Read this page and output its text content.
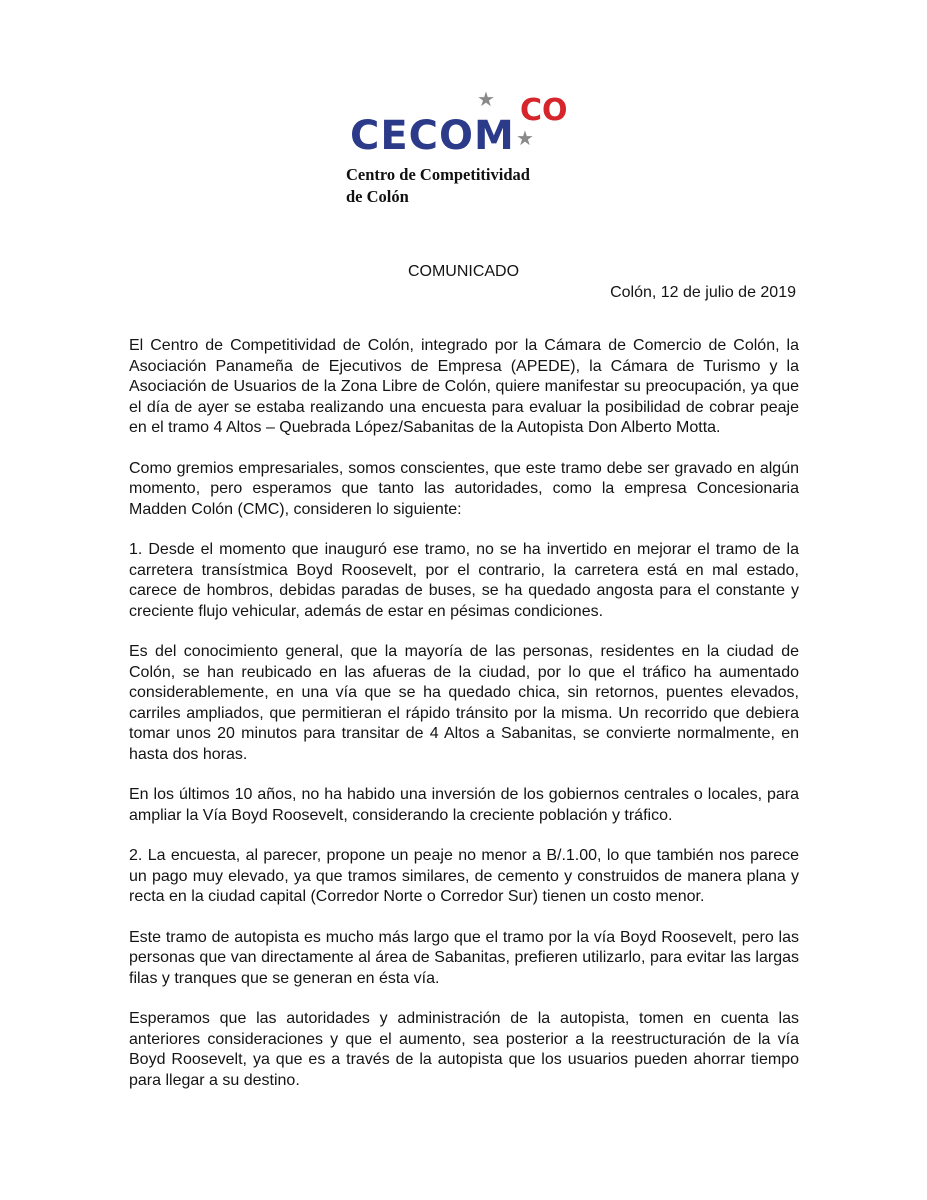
★
CECOM
CO
★
Centro de Competitividad
de Colón
COMUNICADO
Colón, 12 de julio de 2019

El Centro de Competitividad de Colón, integrado por la Cámara de Comercio de Colón, la Asociación Panameña de Ejecutivos de Empresa (APEDE), la Cámara de Turismo y la Asociación de Usuarios de la Zona Libre de Colón, quiere manifestar su preocupación, ya que el día de ayer se estaba realizando una encuesta para evaluar la posibilidad de cobrar peaje en el tramo 4 Altos – Quebrada López/Sabanitas de la Autopista Don Alberto Motta.

Como gremios empresariales, somos conscientes, que este tramo debe ser gravado en algún momento, pero esperamos que tanto las autoridades, como la empresa Concesionaria Madden Colón (CMC), consideren lo siguiente:

1. Desde el momento que inauguró ese tramo, no se ha invertido en mejorar el tramo de la carretera transístmica Boyd Roosevelt, por el contrario, la carretera está en mal estado, carece de hombros, debidas paradas de buses, se ha quedado angosta para el constante y creciente flujo vehicular, además de estar en pésimas condiciones.

Es del conocimiento general, que la mayoría de las personas, residentes en la ciudad de Colón, se han reubicado en las afueras de la ciudad, por lo que el tráfico ha aumentado considerablemente, en una vía que se ha quedado chica, sin retornos, puentes elevados, carriles ampliados, que permitieran el rápido tránsito por la misma. Un recorrido que debiera tomar unos 20 minutos para transitar de 4 Altos a Sabanitas, se convierte normalmente, en hasta dos horas.

En los últimos 10 años, no ha habido una inversión de los gobiernos centrales o locales, para ampliar la Vía Boyd Roosevelt, considerando la creciente población y tráfico.

2. La encuesta, al parecer, propone un peaje no menor a B/.1.00, lo que también nos parece un pago muy elevado, ya que tramos similares, de cemento y construidos de manera plana y recta en la ciudad capital (Corredor Norte o Corredor Sur) tienen un costo menor.

Este tramo de autopista es mucho más largo que el tramo por la vía Boyd Roosevelt, pero las personas que van directamente al área de Sabanitas, prefieren utilizarlo, para evitar las largas filas y tranques que se generan en ésta vía.

Esperamos que las autoridades y administración de la autopista, tomen en cuenta las anteriores consideraciones y que el aumento, sea posterior a la reestructuración de la vía Boyd Roosevelt, ya que es a través de la autopista que los usuarios pueden ahorrar tiempo para llegar a su destino.
